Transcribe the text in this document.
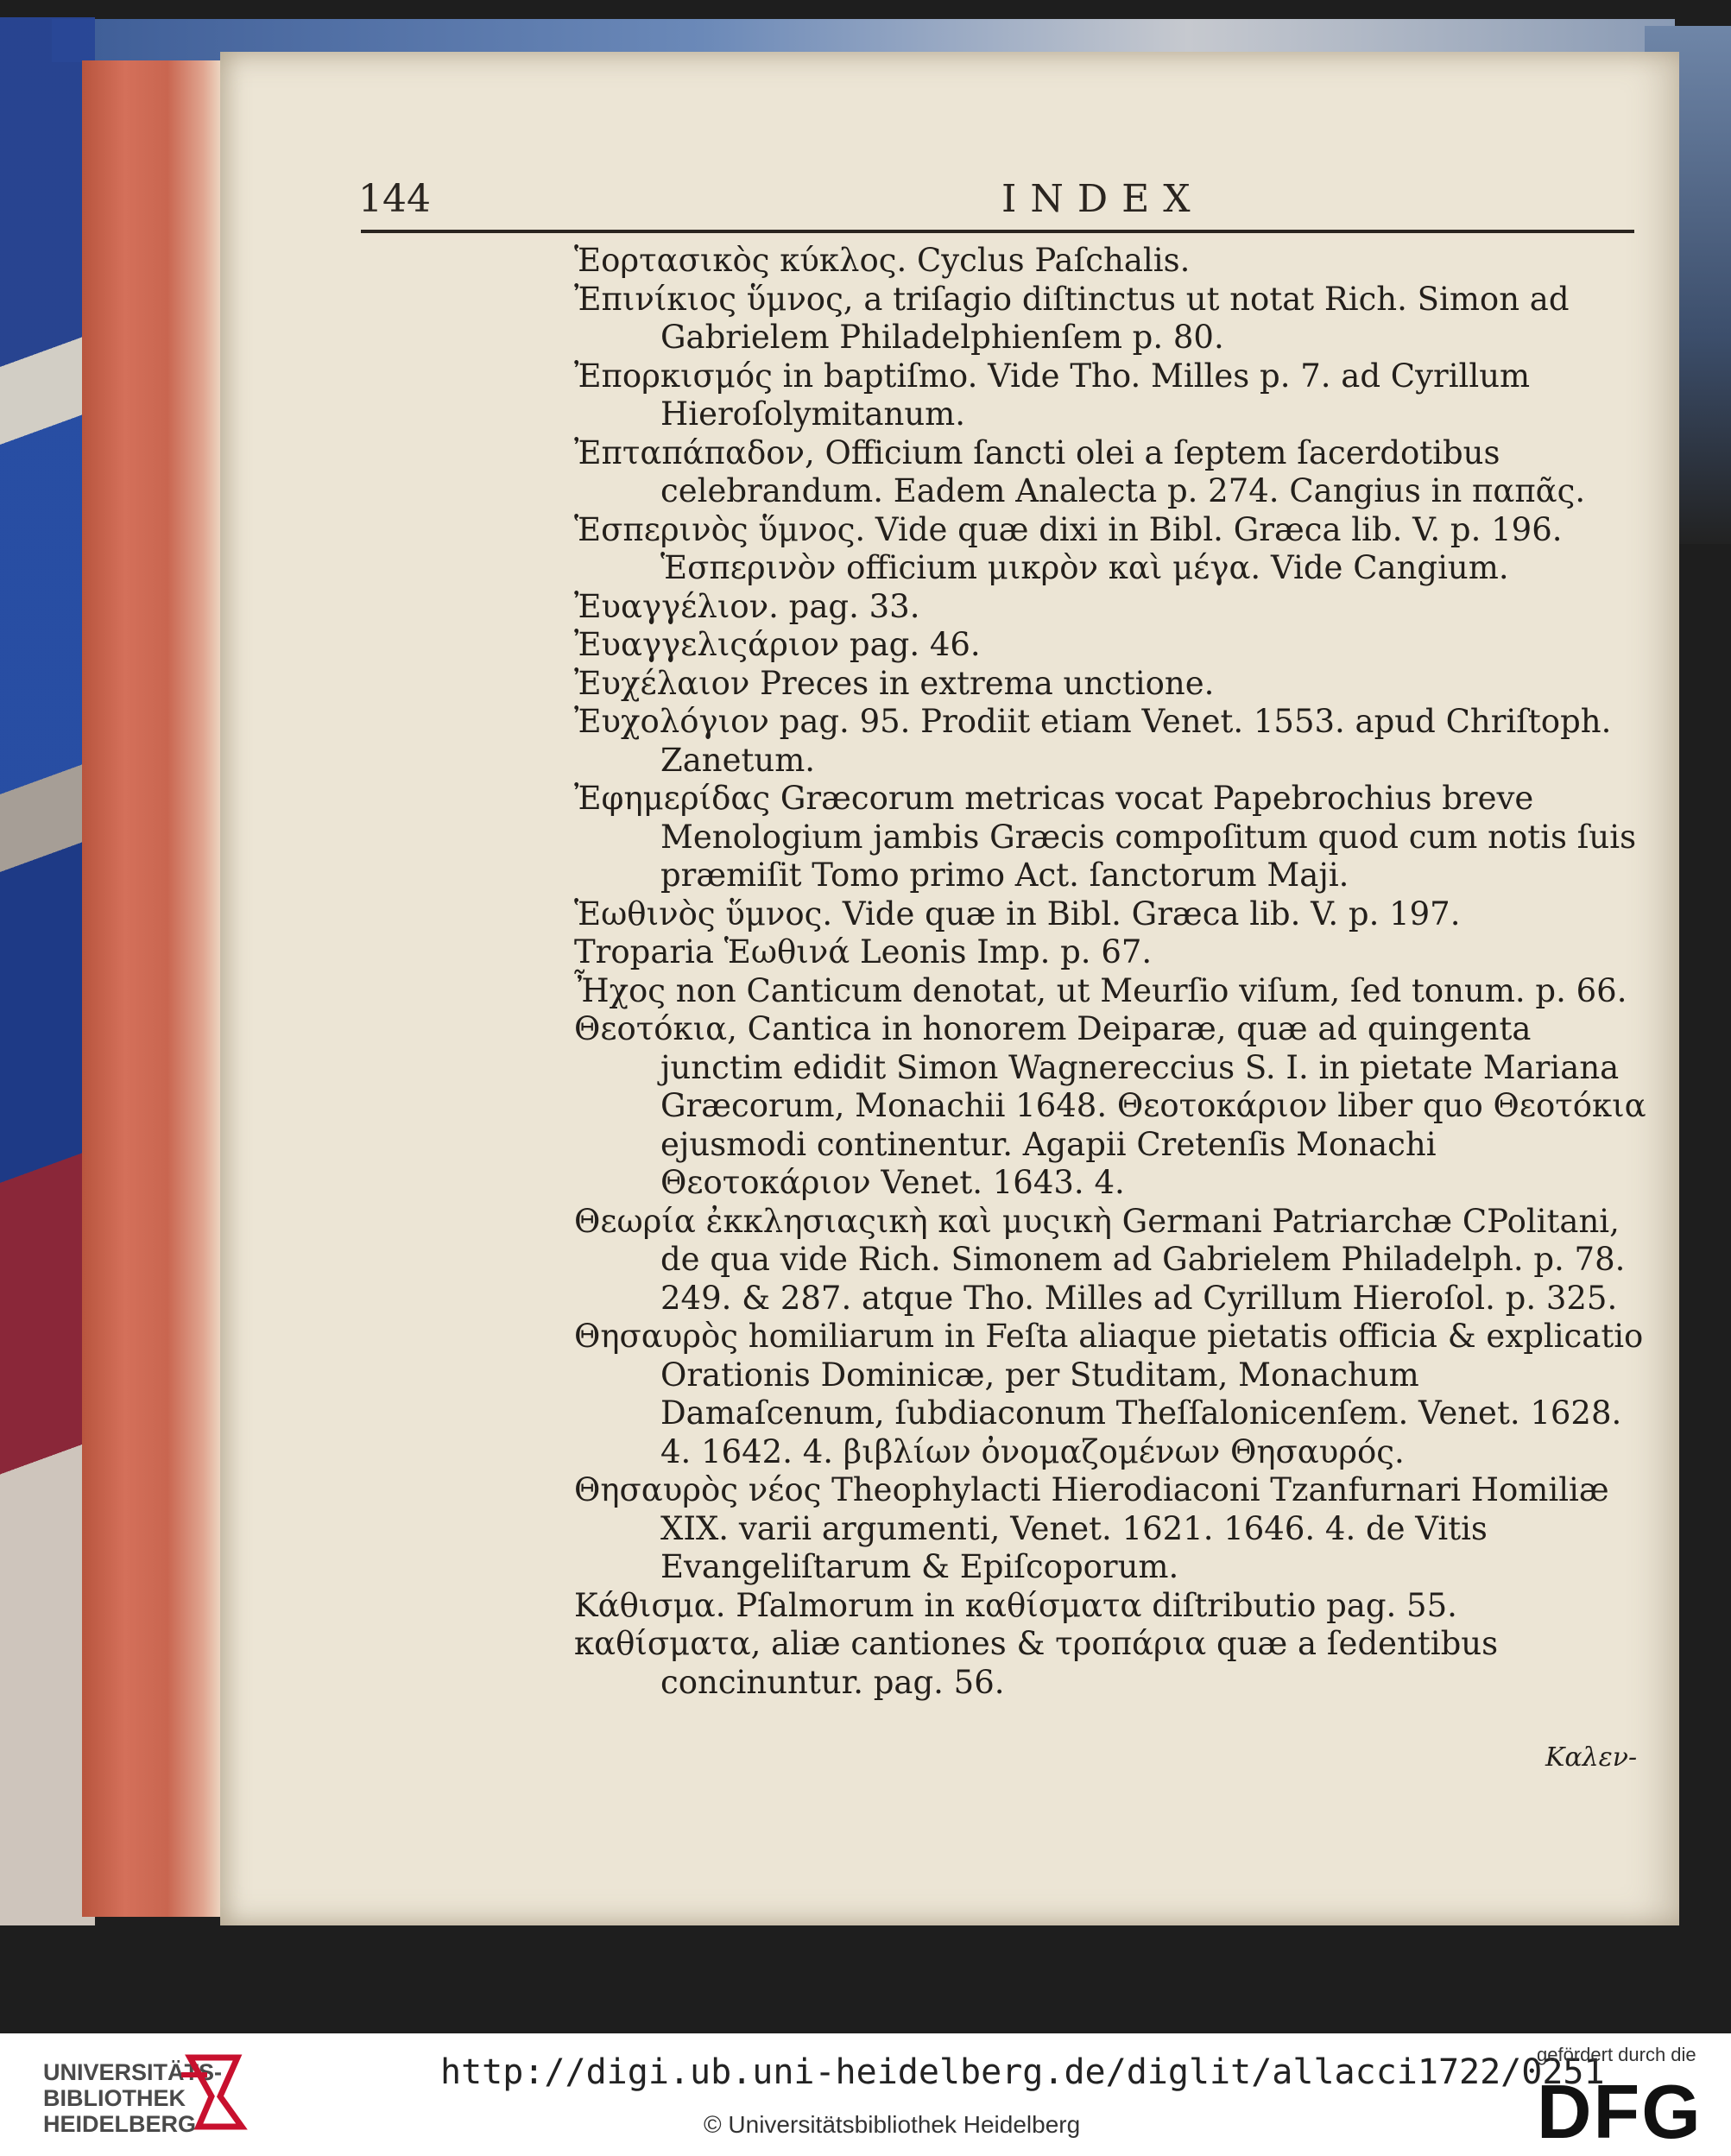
144	INDEX
Ἑορτασικὸς κύκλος. Cyclus Paſchalis.
Ἐπινίκιος ὕμνος, a triſagio diſtinctus ut notat Rich. Simon ad Gabrielem Philadelphienſem p. 80.
Ἐπορκισμός in baptiſmo. Vide Tho. Milles p. 7. ad Cyrillum Hieroſolymitanum.
Ἐπταπάπαδον, Officium ſancti olei a ſeptem ſacerdotibus celebrandum. Eadem Analecta p. 274. Cangius in παπᾶς.
Ἑσπερινὸς ὕμνος. Vide quæ dixi in Bibl. Græca lib. V. p. 196. Ἑσπερινὸν officium μικρὸν καὶ μέγα. Vide Cangium.
Ἐυαγγέλιον. pag. 33.
Ἐυαγγελιςάριον pag. 46.
Ἐυχέλαιον Preces in extrema unctione.
Ἐυχολόγιον pag. 95. Prodiit etiam Venet. 1553. apud Chriſtoph. Zanetum.
Ἐφημερίδας Græcorum metricas vocat Papebrochius breve Menologium jambis Græcis compoſitum quod cum notis ſuis præmiſit Tomo primo Act. ſanctorum Maji.
Ἑωθινὸς ὕμνος. Vide quæ in Bibl. Græca lib. V. p. 197.
Troparia Ἑωθινά Leonis Imp. p. 67.
Ἦχος non Canticum denotat, ut Meurſio viſum, ſed tonum. p. 66.
Θεοτόκια, Cantica in honorem Deiparæ, quæ ad quingenta junctim edidit Simon Wagnereccius S. I. in pietate Mariana Græcorum, Monachii 1648. Θεοτοκάριον liber quo Θεοτόκια ejusmodi continentur. Agapii Cretenſis Monachi Θεοτοκάριον Venet. 1643. 4.
Θεωρία ἐκκλησιαςικὴ καὶ μυςικὴ Germani Patriarchæ CPolitani, de qua vide Rich. Simonem ad Gabrielem Philadelph. p. 78. 249. & 287. atque Tho. Milles ad Cyrillum Hieroſol. p. 325.
Θησαυρὸς homiliarum in Feſta aliaque pietatis officia & explicatio Orationis Dominicæ, per Studitam, Monachum Damaſcenum, ſubdiaconum Theſſalonicenſem. Venet. 1628. 4. 1642. 4. βιβλίων ὀνομαζομένων Θησαυρός.
Θησαυρὸς νέος Theophylacti Hierodiaconi Tzanfurnari Homiliæ XIX. varii argumenti, Venet. 1621. 1646. 4. de Vitis Evangeliſtarum & Epiſcoporum.
Κάθισμα. Pſalmorum in καθίσματα diſtributio pag. 55.
καθίσματα, aliæ cantiones & τροπάρια quæ a ſedentibus concinuntur. pag. 56.
Καλεν-
UNIVERSITÄTS-
BIBLIOTHEK
HEIDELBERG
http://digi.ub.uni-heidelberg.de/diglit/allacci1722/0251
© Universitätsbibliothek Heidelberg
gefördert durch die
DFG
